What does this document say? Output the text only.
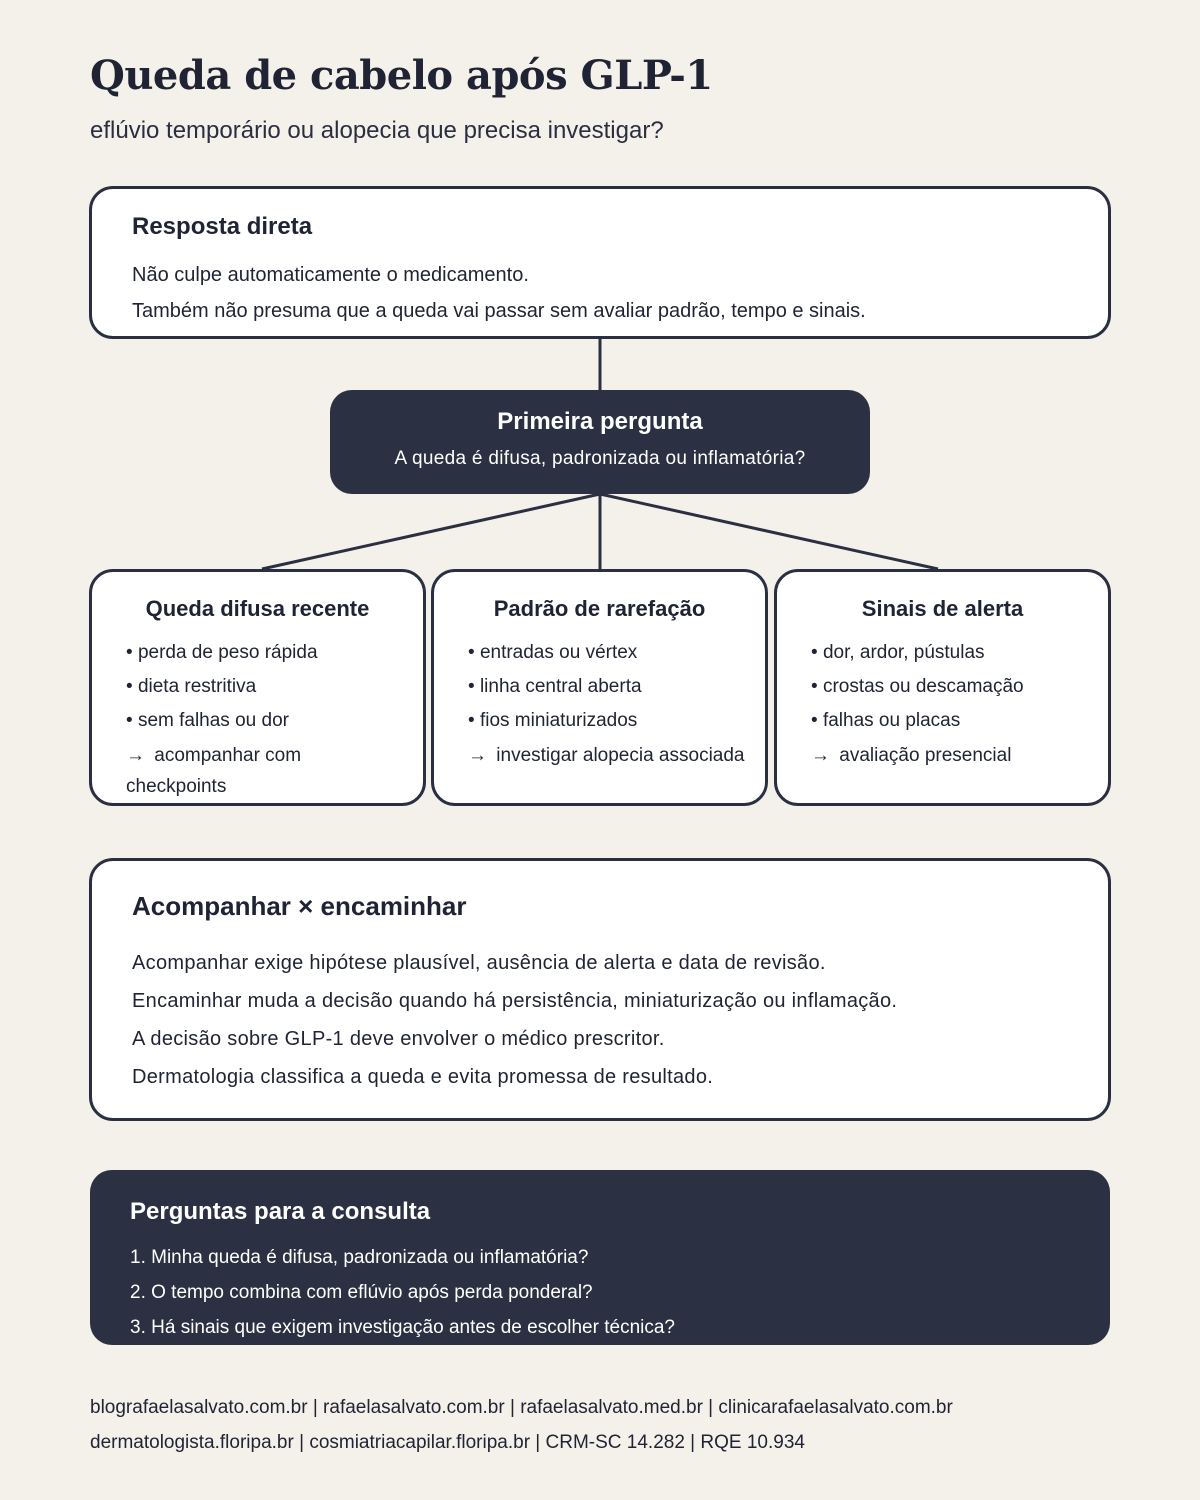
Queda de cabelo após GLP-1

eflúvio temporário ou alopecia que precisa investigar?

Resposta direta
Não culpe automaticamente o medicamento.
Também não presuma que a queda vai passar sem avaliar padrão, tempo e sinais.
Primeira pergunta
A queda é difusa, padronizada ou inflamatória?
Queda difusa recente
• perda de peso rápida
• dieta restritiva
• sem falhas ou dor
→ acompanhar com checkpoints
Padrão de rarefação
• entradas ou vértex
• linha central aberta
• fios miniaturizados
→ investigar alopecia associada
Sinais de alerta
• dor, ardor, pústulas
• crostas ou descamação
• falhas ou placas
→ avaliação presencial
Acompanhar × encaminhar
Acompanhar exige hipótese plausível, ausência de alerta e data de revisão.
Encaminhar muda a decisão quando há persistência, miniaturização ou inflamação.
A decisão sobre GLP-1 deve envolver o médico prescritor.
Dermatologia classifica a queda e evita promessa de resultado.
Perguntas para a consulta
1. Minha queda é difusa, padronizada ou inflamatória?
2. O tempo combina com eflúvio após perda ponderal?
3. Há sinais que exigem investigação antes de escolher técnica?
blografaelasalvato.com.br | rafaelasalvato.com.br | rafaelasalvato.med.br | clinicarafaelasalvato.com.br
dermatologista.floripa.br | cosmiatriacapilar.floripa.br | CRM-SC 14.282 | RQE 10.934
